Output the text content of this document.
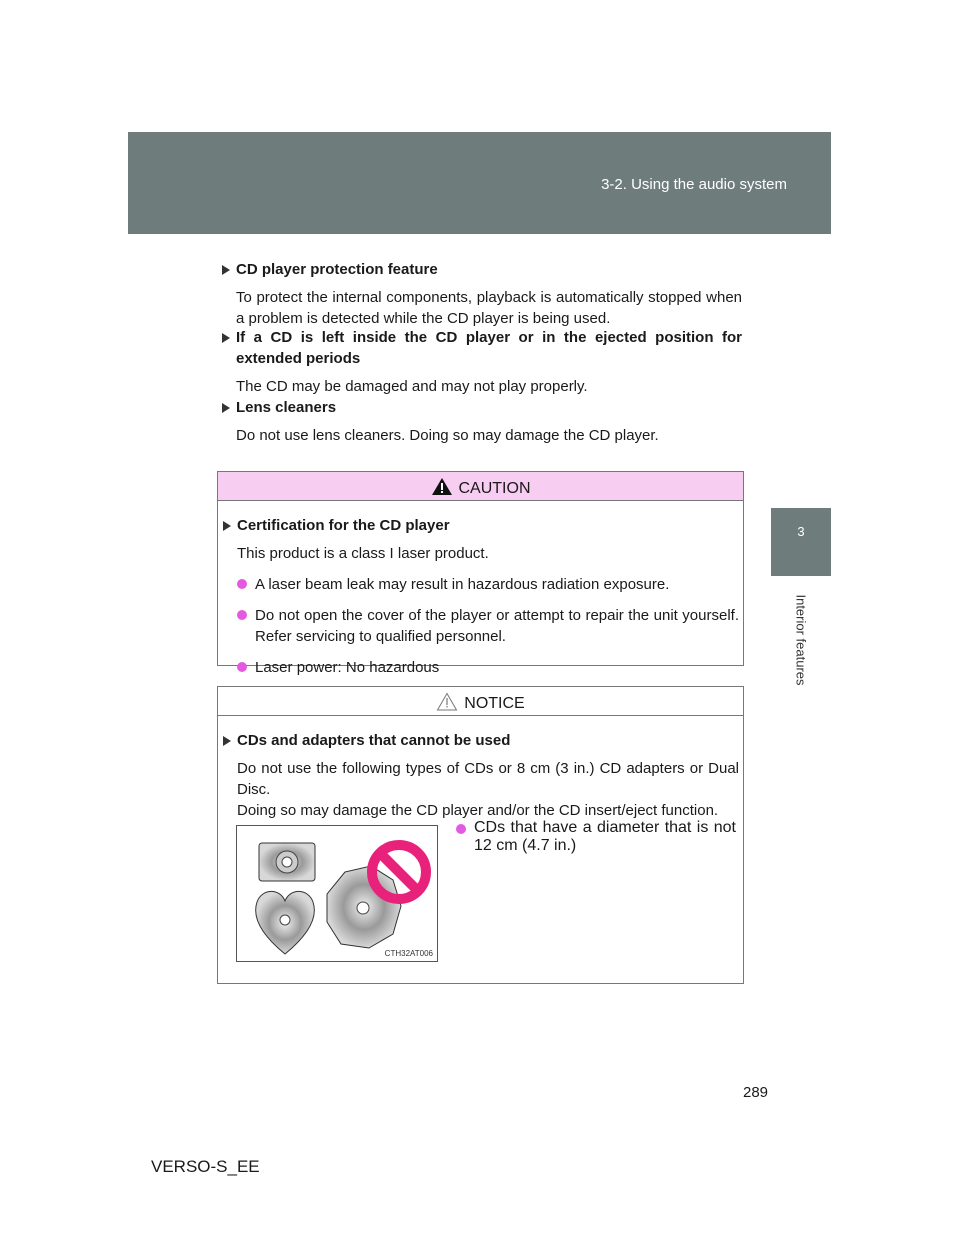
3-2. Using the audio system
3
Interior features
CD player protection feature
To protect the internal components, playback is automatically stopped when a problem is detected while the CD player is being used.
If a CD is left inside the CD player or in the ejected position for extended periods
The CD may be damaged and may not play properly.
Lens cleaners
Do not use lens cleaners. Doing so may damage the CD player.
CAUTION
Certification for the CD player
This product is a class I laser product.
A laser beam leak may result in hazardous radiation exposure.
Do not open the cover of the player or attempt to repair the unit yourself. Refer servicing to qualified personnel.
Laser power: No hazardous
NOTICE
CDs and adapters that cannot be used
Do not use the following types of CDs or 8 cm (3 in.) CD adapters or Dual Disc.
Doing so may damage the CD player and/or the CD insert/eject function.
CDs that have a diameter that is not 12 cm (4.7 in.)
CTH32AT006
289
VERSO-S_EE
